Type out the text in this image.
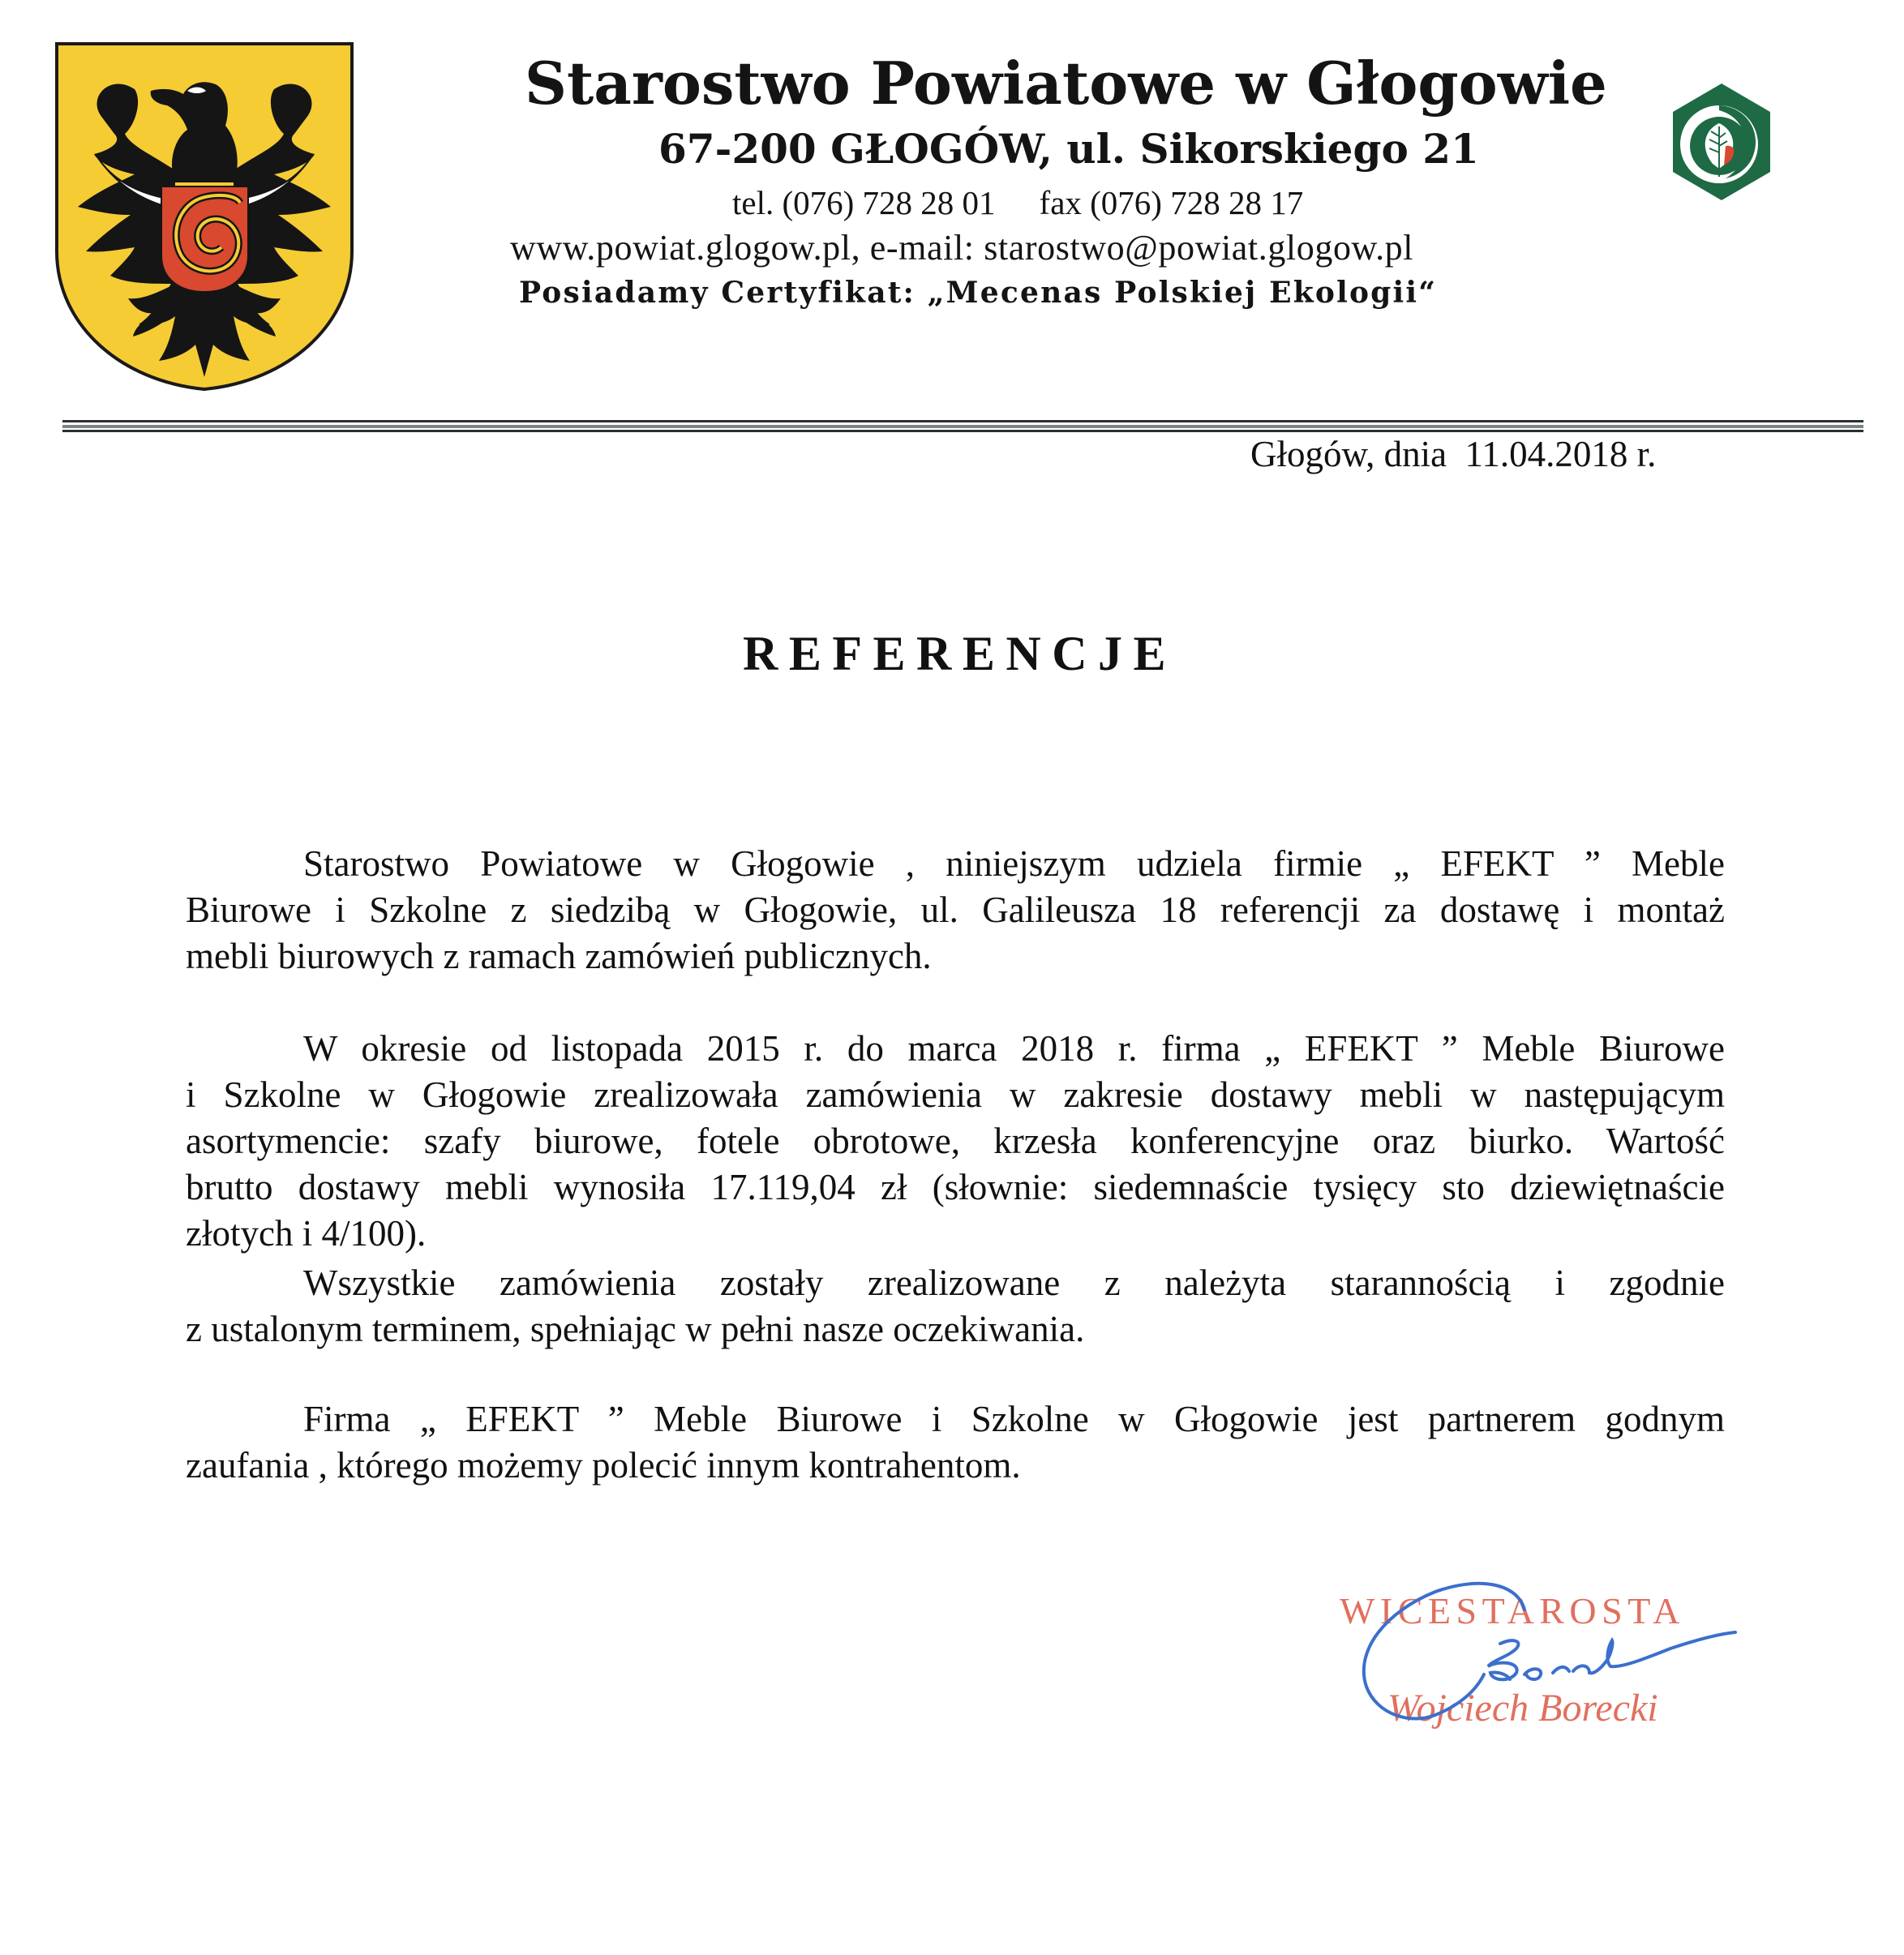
Starostwo Powiatowe w Głogowie
67-200 GŁOGÓW, ul. Sikorskiego 21
tel. (076) 728 28 01 fax (076) 728 28 17
www.powiat.glogow.pl, e-mail: starostwo@powiat.glogow.pl
Posiadamy Certyfikat: „Mecenas Polskiej Ekologii“
Głogów, dnia  11.04.2018 r.
REFERENCJE
Starostwo Powiatowe w Głogowie , niniejszym udziela firmie „ EFEKT ” Meble
Biurowe i Szkolne z siedzibą w Głogowie, ul. Galileusza 18 referencji za dostawę i montaż
mebli biurowych z ramach zamówień publicznych.
W okresie od listopada 2015 r. do marca 2018 r. firma „ EFEKT ” Meble Biurowe
i Szkolne w Głogowie zrealizowała zamówienia w zakresie dostawy mebli w następującym
asortymencie: szafy biurowe, fotele obrotowe, krzesła konferencyjne oraz biurko. Wartość
brutto dostawy mebli wynosiła 17.119,04 zł (słownie: siedemnaście tysięcy sto dziewiętnaście
złotych i 4/100).
Wszystkie zamówienia zostały zrealizowane z należyta starannością i zgodnie
z ustalonym terminem, spełniając w pełni nasze oczekiwania.
Firma „ EFEKT ” Meble Biurowe i Szkolne w Głogowie jest partnerem godnym
zaufania , którego możemy polecić innym kontrahentom.
WICESTAROSTA
Wojciech Borecki
